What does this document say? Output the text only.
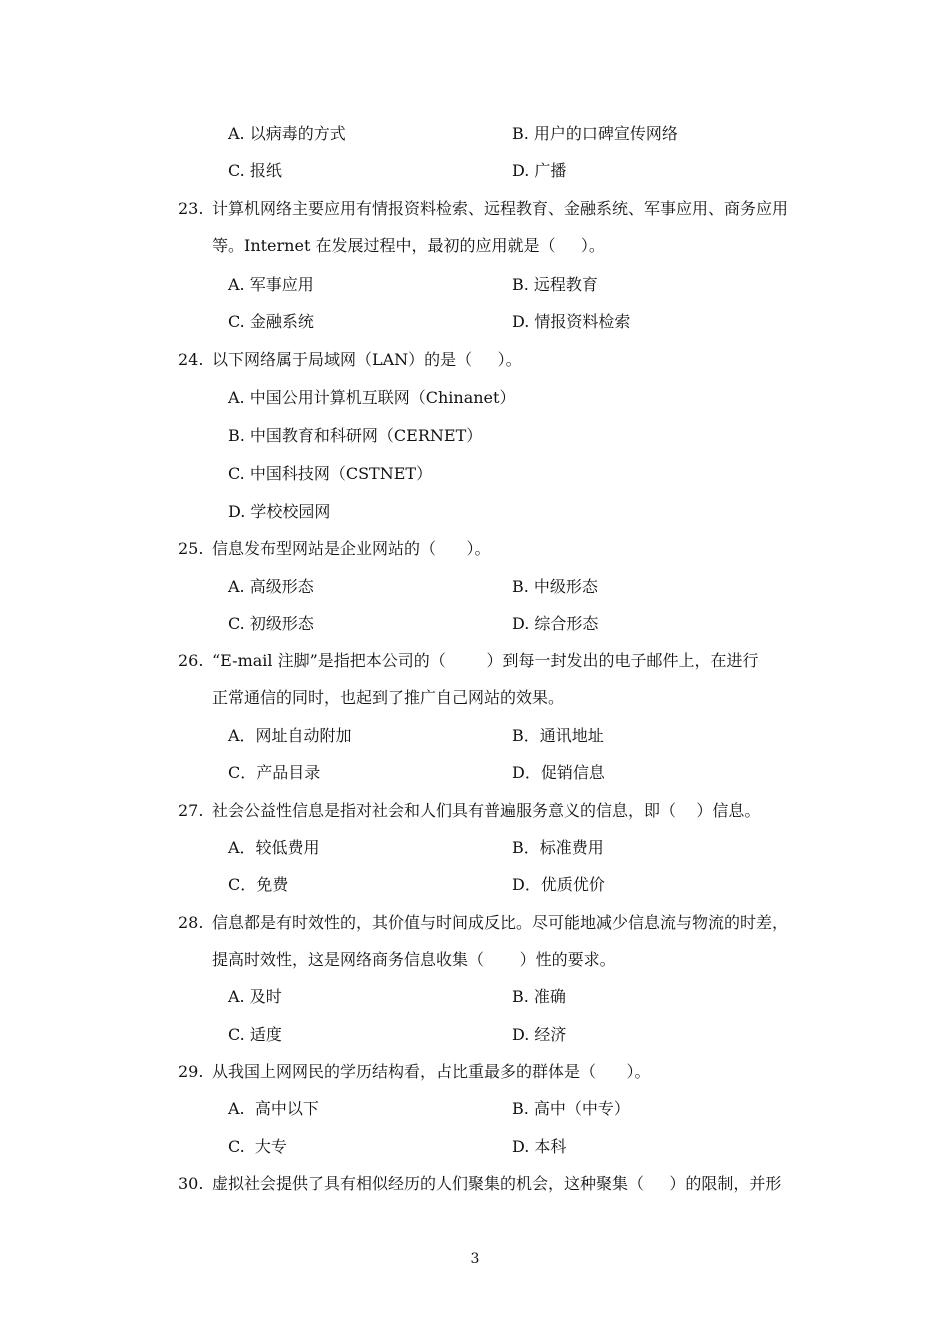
A. 以病毒的方式	B. 用户的口碑宣传网络
C. 报纸	D. 广播
23. 计算机网络主要应用有情报资料检索、远程教育、金融系统、军事应用、商务应用
等。Internet 在发展过程中，最初的应用就是（     ）。
A. 军事应用	B. 远程教育
C. 金融系统	D. 情报资料检索
24. 以下网络属于局域网（LAN）的是（     ）。
A. 中国公用计算机互联网（Chinanet）
B. 中国教育和科研网（CERNET）
C. 中国科技网（CSTNET）
D. 学校校园网
25. 信息发布型网站是企业网站的（      ）。
A. 高级形态	B. 中级形态
C. 初级形态	D. 综合形态
26. “E-mail 注脚”是指把本公司的（        ）到每一封发出的电子邮件上，在进行
正常通信的同时，也起到了推广自己网站的效果。
A．网址自动附加	B．通讯地址
C．产品目录	D．促销信息
27. 社会公益性信息是指对社会和人们具有普遍服务意义的信息，即（    ）信息。
A．较低费用	B．标准费用
C．免费	D．优质优价
28. 信息都是有时效性的，其价值与时间成反比。尽可能地减少信息流与物流的时差，
提高时效性，这是网络商务信息收集（       ）性的要求。
A. 及时	B. 准确
C. 适度	D. 经济
29. 从我国上网网民的学历结构看，占比重最多的群体是（      ）。
A.  高中以下	B. 高中（中专）
C.  大专	D. 本科
30. 虚拟社会提供了具有相似经历的人们聚集的机会，这种聚集（     ）的限制，并形
3
